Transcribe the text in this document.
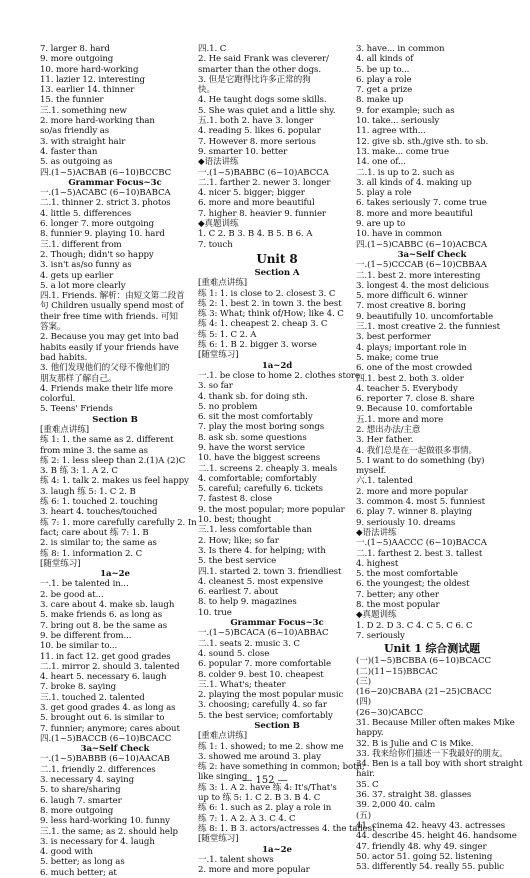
7. larger 8. hard
9. more outgoing
10. more hard-working
11. lazier 12. interesting
13. earlier 14. thinner
15. the funnier
三.1. something new
2. more hard-working than
so/as friendly as
3. with straight hair
4. faster than
5. as outgoing as
四.(1~5)ACBAB (6~10)BCCBC
Grammar Focus~3c
一.(1~5)ACABC (6~10)BABCA
二.1. thinner 2. strict 3. photos
4. little 5. differences
6. longer 7. more outgoing
8. funnier 9. playing 10. hard
三.1. different from
2. Though; didn't so happy
3. isn't as/so funny as
4. gets up earlier
5. a lot more clearly
四.1. Friends. 解析：由短文第二段首
句 Children usually spend most of
their free time with friends. 可知
答案。
2. Because you may get into bad
habits easily if your friends have
bad habits.
3. 他们发现他们的父母不像他们的
朋友那样了解自己。
4. Friends make their life more
colorful.
5. Teens' Friends
Section B
[重难点讲练]
练 1: 1. the same as 2. different
from mine 3. the same as
练 2: 1. less sleep than 2.(1)A (2)C
3. B 练 3: 1. A 2. C
练 4: 1. talk 2. makes us feel happy
3. laugh 练 5: 1. C 2. B
练 6: 1. touched 2. touching
3. heart 4. touches/touched
练 7: 1. more carefully carefully 2. In
fact; care about 练 7: 1. B
2. is similar to; the same as
练 8: 1. information 2. C
[随堂练习]
1a~2e
一.1. be talented in...
2. be good at...
3. care about 4. make sb. laugh
5. make friends 6. as long as
7. bring out 8. be the same as
9. be different from...
10. be similar to...
11. in fact 12. get good grades
二.1. mirror 2. should 3. talented
4. heart 5. necessary 6. laugh
7. broke 8. saying
三.1. touched 2. talented
3. get good grades 4. as long as
5. brought out 6. is similar to
7. funnier; anymore; cares about
四.(1~5)BACCB (6~10)BCACC
3a~Self Check
一.(1~5)BABBB (6~10)AACAB
二.1. friendly 2. differences
3. necessary 4. saying
5. to share/sharing
6. laugh 7. smarter
8. more outgoing
9. less hard-working 10. funny
三.1. the same; as 2. should help
3. is necessary for 4. laugh
4. good with
5. better; as long as
6. much better; at
四.1. C
2. He said Frank was cleverer/
smarter than the other dogs.
3. 但是它跑得比许多正常的狗
快。
4. He taught dogs some skills.
5. She was quiet and a little shy.
五.1. both 2. have 3. longer
4. reading 5. likes 6. popular
7. However 8. more serious
9. smarter 10. better
◆语法讲练
一.(1~5)BABBC (6~10)ABCCA
二.1. farther 2. newer 3. longer
4. nicer 5. bigger; bigger
6. more and more beautiful
7. higher 8. heavier 9. funnier
◆真题训练
1. C 2. B 3. B 4. B 5. B 6. A
7. touch
Unit 8
Section A
[重难点讲练]
练 1: 1. is close to 2. closest 3. C
练 2: 1. best 2. in town 3. the best
练 3: What; think of/How; like 4. C
练 4: 1. cheapest 2. cheap 3. C
练 5: 1. C 2. A
练 6: 1. B 2. bigger 3. worse
[随堂练习]
1a~2d
一.1. be close to home 2. clothes store
3. so far
4. thank sb. for doing sth.
5. no problem
6. sit the most comfortably
7. play the most boring songs
8. ask sb. some questions
9. have the worst service
10. have the biggest screens
二.1. screens 2. cheaply 3. meals
4. comfortable; comfortably
5. careful; carefully 6. tickets
7. fastest 8. close
9. the most popular; more popular
10. best; thought
三.1. less comfortable than
2. How; like; so far
3. Is there 4. for helping; with
5. the best service
四.1. started 2. town 3. friendliest
4. cleanest 5. most expensive
6. earliest 7. about
8. to help 9. magazines
10. true
Grammar Focus~3c
一.(1~5)BCACA (6~10)ABBAC
二.1. seats 2. music 3. C
4. sound 5. close
6. popular 7. more comfortable
8. colder 9. best 10. cheapest
三.1. What's; theater
2. playing the most popular music
3. choosing; carefully 4. so far
5. the best service; comfortably
Section B
[重难点讲练]
练 1: 1. showed; to me 2. show me
3. showed me around 3. play
练 2: have something in common; both;
like singing
练 3: 1. A 2. have 练 4: It's/That's
up to 练 5: 1. C 2. B 3. B 4. C
练 6: 1. such as 2. play a role in
练 7: 1. A 2. A 3. C 4. C
练 8: 1. B 3. actors/actresses 4. the tallest
[随堂练习]
1a~2e
一.1. talent shows
2. more and more popular
3. have... in common
4. all kinds of
5. be up to...
6. play a role
7. get a prize
8. make up
9. for example; such as
10. take... seriously
11. agree with...
12. give sb. sth./give sth. to sb.
13. make... come true
14. one of...
二.1. is up to 2. such as
3. all kinds of 4. making up
5. play a role
6. takes seriously 7. come true
8. more and more beautiful
9. are up to
10. have in common
四.(1~5)CABBC (6~10)ACBCA
3a~Self Check
一.(1~5)CCCAB (6~10)CBBAA
二.1. best 2. more interesting
3. longest 4. the most delicious
5. more difficult 6. winner
7. most creative 8. boring
9. beautifully 10. uncomfortable
三.1. most creative 2. the funniest
3. best performer
4. plays; important role in
5. make; come true
6. one of the most crowded
四.1. best 2. both 3. older
4. teacher 5. Everybody
6. reporter 7. close 8. share
9. Because 10. comfortable
五.1. more and more
2. 想出办法/主意
3. Her father.
4. 我们总是在一起做很多事情。
5. I want to do something (by)
myself.
六.1. talented
2. more and more popular
3. common 4. most 5. funniest
6. play 7. winner 8. playing
9. seriously 10. dreams
◆语法讲练
一.(1~5)AACCC (6~10)BACCA
二.1. farthest 2. best 3. tallest
4. highest
5. the most comfortable
6. the youngest; the oldest
7. better; any other
8. the most popular
◆真题训练
1. D 2. D 3. C 4. C 5. C 6. C
7. seriously
Unit 1 综合测试题
(一)(1~5)BCBBA (6~10)BCACC
(二)(11~15)BBCAC
(三)
(16~20)CBABA (21~25)CBACC
(四)
(26~30)CABCC
31. Because Miller often makes Mike
happy.
32. B is Julie and C is Mike.
33. 我来给你们描述一下我最好的朋友。
34. Ben is a tall boy with short straight
hair.
35. C
36. 37. straight 38. glasses
39. 2,000 40. calm
(五)
41. cinema 42. heavy 43. actresses
44. describe 45. height 46. handsome
47. friendly 48. why 49. singer
50. actor 51. going 52. listening
53. differently 54. really 55. public
— 152 —
